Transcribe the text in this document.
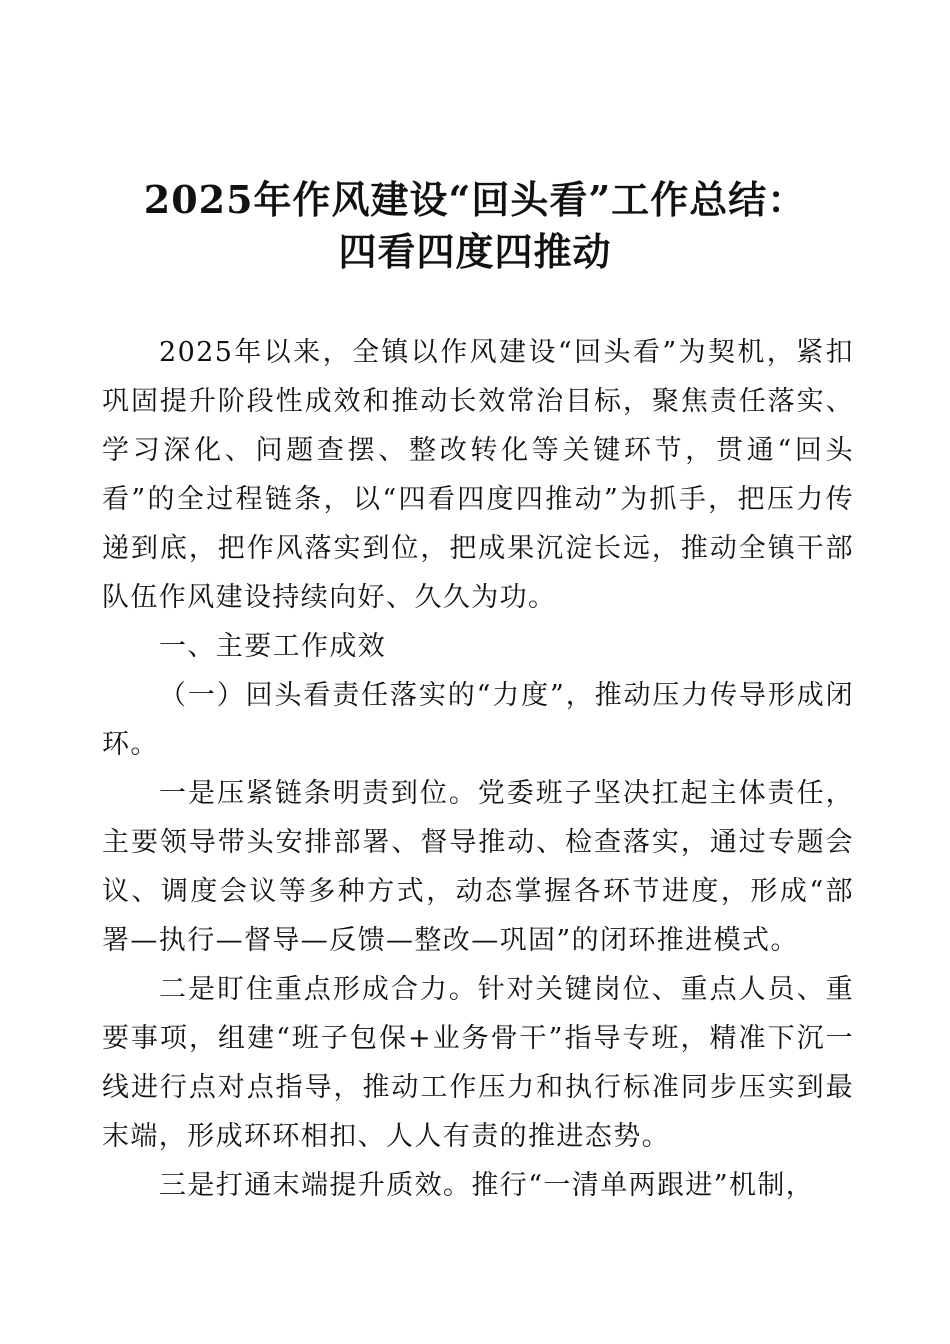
2025年作风建设“回头看”工作总结：
四看四度四推动

2025年以来，全镇以作风建设“回头看”为契机，紧扣巩固提升阶段性成效和推动长效常治目标，聚焦责任落实、学习深化、问题查摆、整改转化等关键环节，贯通“回头看”的全过程链条，以“四看四度四推动”为抓手，把压力传递到底，把作风落实到位，把成果沉淀长远，推动全镇干部队伍作风建设持续向好、久久为功。

一、主要工作成效

（一）回头看责任落实的“力度”，推动压力传导形成闭环。

一是压紧链条明责到位。党委班子坚决扛起主体责任，主要领导带头安排部署、督导推动、检查落实，通过专题会议、调度会议等多种方式，动态掌握各环节进度，形成“部署—执行—督导—反馈—整改—巩固”的闭环推进模式。

二是盯住重点形成合力。针对关键岗位、重点人员、重要事项，组建“班子包保+业务骨干”指导专班，精准下沉一线进行点对点指导，推动工作压力和执行标准同步压实到最末端，形成环环相扣、人人有责的推进态势。

三是打通末端提升质效。推行“一清单两跟进”机制，
